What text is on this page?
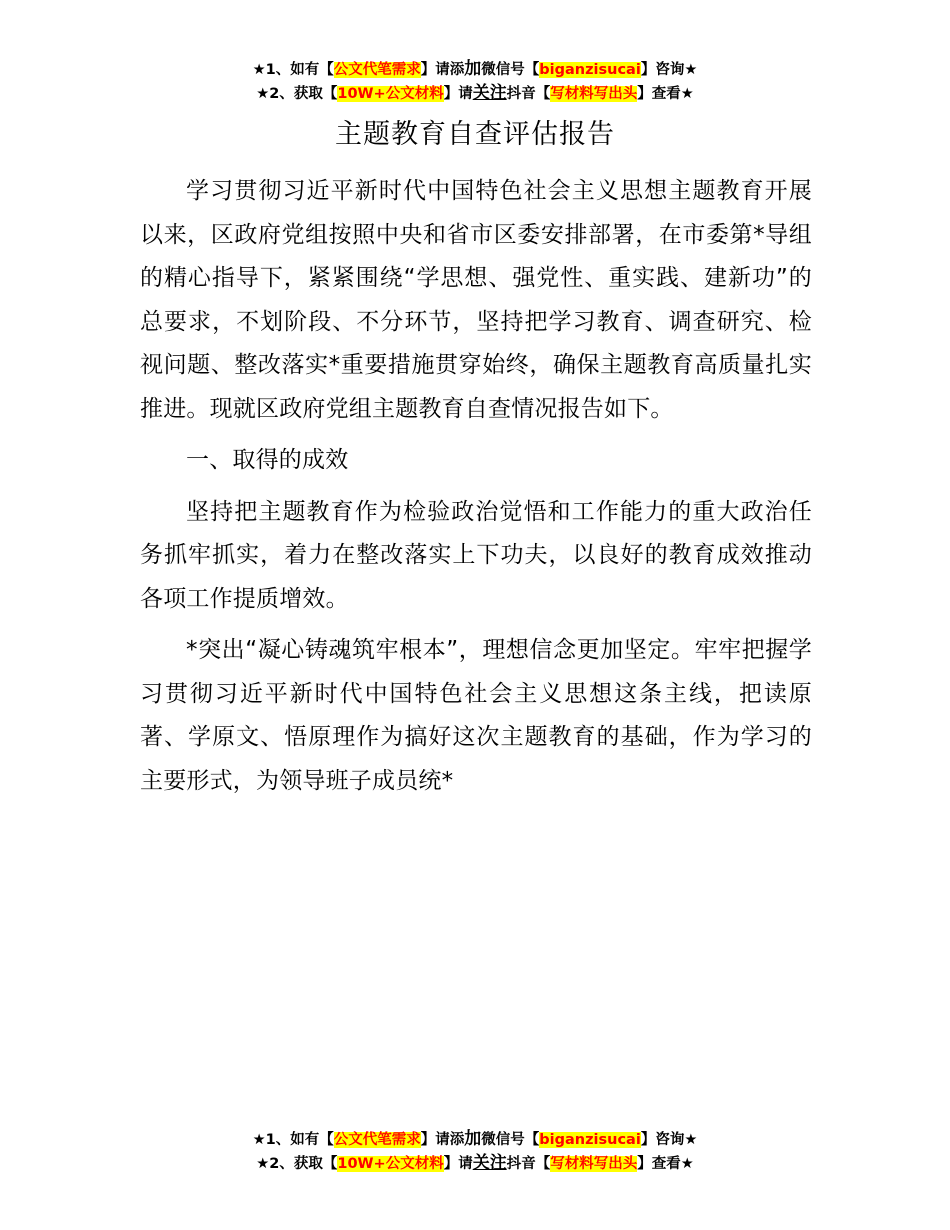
★1、如有【公文代笔需求】请添加微信号【biganzisucai】咨询★
★2、获取【10W+公文材料】请关注抖音【写材料写出头】查看★
主题教育自查评估报告

学习贯彻习近平新时代中国特色社会主义思想主题教育开展以来，区政府党组按照中央和省市区委安排部署，在市委第*导组的精心指导下，紧紧围绕“学思想、强党性、重实践、建新功”的总要求，不划阶段、不分环节，坚持把学习教育、调查研究、检视问题、整改落实*重要措施贯穿始终，确保主题教育高质量扎实推进。现就区政府党组主题教育自查情况报告如下。

一、取得的成效

坚持把主题教育作为检验政治觉悟和工作能力的重大政治任务抓牢抓实，着力在整改落实上下功夫，以良好的教育成效推动各项工作提质增效。

*突出“凝心铸魂筑牢根本”，理想信念更加坚定。牢牢把握学习贯彻习近平新时代中国特色社会主义思想这条主线，把读原著、学原文、悟原理作为搞好这次主题教育的基础，作为学习的主要形式，为领导班子成员统*

★1、如有【公文代笔需求】请添加微信号【biganzisucai】咨询★
★2、获取【10W+公文材料】请关注抖音【写材料写出头】查看★
